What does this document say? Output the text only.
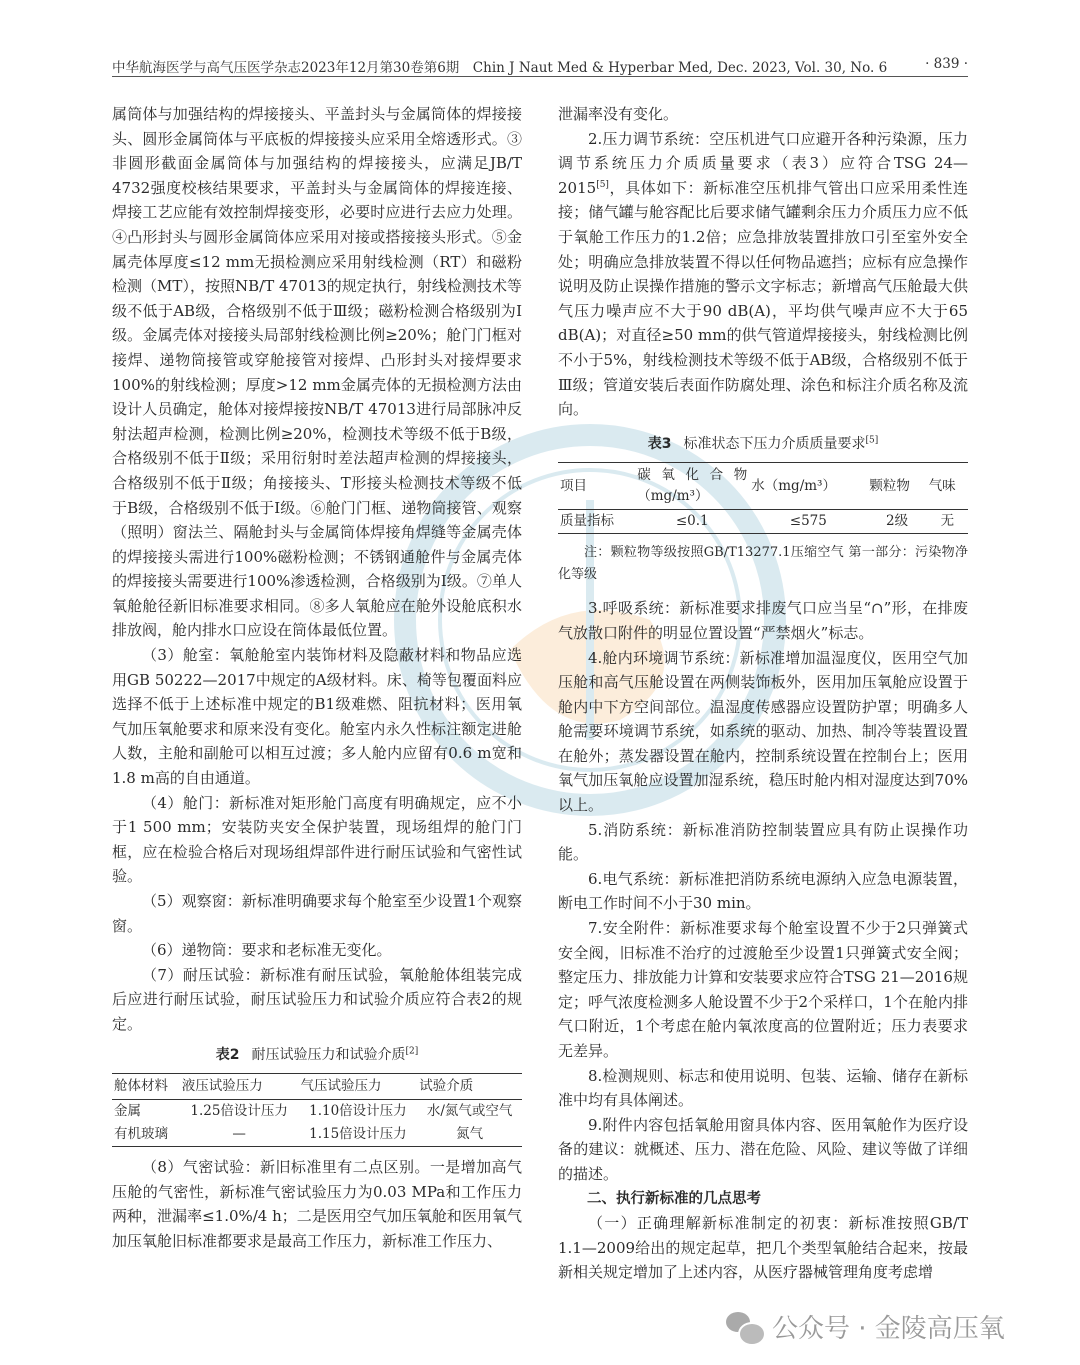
中华航海医学与高气压医学杂志2023年12月第30卷第6期　Chin J Naut Med & Hyperbar Med, Dec. 2023, Vol. 30, No. 6	· 839 ·

属筒体与加强结构的焊接接头、平盖封头与金属筒体的焊接接头、圆形金属筒体与平底板的焊接接头应采用全熔透形式。③非圆形截面金属筒体与加强结构的焊接接头，应满足JB/T 4732强度校核结果要求，平盖封头与金属筒体的焊接连接、焊接工艺应能有效控制焊接变形，必要时应进行去应力处理。④凸形封头与圆形金属筒体应采用对接或搭接接头形式。⑤金属壳体厚度≤12 mm无损检测应采用射线检测（RT）和磁粉检测（MT），按照NB/T 47013的规定执行，射线检测技术等级不低于AB级，合格级别不低于Ⅲ级；磁粉检测合格级别为Ⅰ级。金属壳体对接接头局部射线检测比例≥20%；舱门门框对接焊、递物筒接管或穿舱接管对接焊、凸形封头对接焊要求100%的射线检测；厚度>12 mm金属壳体的无损检测方法由设计人员确定，舱体对接焊接按NB/T 47013进行局部脉冲反射法超声检测，检测比例≥20%，检测技术等级不低于B级，合格级别不低于Ⅱ级；采用衍射时差法超声检测的焊接接头，合格级别不低于Ⅱ级；角接接头、T形接头检测技术等级不低于B级，合格级别不低于Ⅰ级。⑥舱门门框、递物筒接管、观察（照明）窗法兰、隔舱封头与金属筒体焊接角焊缝等金属壳体的焊接接头需进行100%磁粉检测；不锈钢通舱件与金属壳体的焊接接头需要进行100%渗透检测，合格级别为Ⅰ级。⑦单人氧舱舱径新旧标准要求相同。⑧多人氧舱应在舱外设舱底积水排放阀，舱内排水口应设在筒体最低位置。

（3）舱室：氧舱舱室内装饰材料及隐蔽材料和物品应选用GB 50222—2017中规定的A级材料。床、椅等包覆面料应选择不低于上述标准中规定的B1级难燃、阻抗材料；医用氧气加压氧舱要求和原来没有变化。舱室内永久性标注额定进舱人数，主舱和副舱可以相互过渡；多人舱内应留有0.6 m宽和1.8 m高的自由通道。

（4）舱门：新标准对矩形舱门高度有明确规定，应不小于1 500 mm；安装防夹安全保护装置，现场组焊的舱门门框，应在检验合格后对现场组焊部件进行耐压试验和气密性试验。

（5）观察窗：新标准明确要求每个舱室至少设置1个观察窗。

（6）递物筒：要求和老标准无变化。

（7）耐压试验：新标准有耐压试验，氧舱舱体组装完成后应进行耐压试验，耐压试验压力和试验介质应符合表2的规定。

表2 耐压试验压力和试验介质[2]
舱体材料	液压试验压力	气压试验压力	试验介质
金属	1.25倍设计压力	1.10倍设计压力	水/氮气或空气
有机玻璃	—	1.15倍设计压力	氮气

（8）气密试验：新旧标准里有二点区别。一是增加高气压舱的气密性，新标准气密试验压力为0.03 MPa和工作压力两种，泄漏率≤1.0%/4 h；二是医用空气加压氧舱和医用氧气加压氧舱旧标准都要求是最高工作压力，新标准工作压力、

泄漏率没有变化。

2.压力调节系统：空压机进气口应避开各种污染源，压力调节系统压力介质质量要求（表3）应符合TSG 24—2015[5]，具体如下：新标准空压机排气管出口应采用柔性连接；储气罐与舱容配比后要求储气罐剩余压力介质压力应不低于氧舱工作压力的1.2倍；应急排放装置排放口引至室外安全处；明确应急排放装置不得以任何物品遮挡；应标有应急操作说明及防止误操作措施的警示文字标志；新增高气压舱最大供气压力噪声应不大于90 dB(A)，平均供气噪声应不大于65 dB(A)；对直径≥50 mm的供气管道焊接接头，射线检测比例不小于5%，射线检测技术等级不低于AB级，合格级别不低于Ⅲ级；管道安装后表面作防腐处理、涂色和标注介质名称及流向。

表3 标准状态下压力介质质量要求[5]
项目	碳氧化合物（mg/m³）	水（mg/m³）	颗粒物	气味
质量指标	≤0.1	≤575	2级	无
注：颗粒物等级按照GB/T13277.1压缩空气 第一部分：污染物净化等级

3.呼吸系统：新标准要求排废气口应当呈“∩”形，在排废气放散口附件的明显位置设置“严禁烟火”标志。

4.舱内环境调节系统：新标准增加温湿度仪，医用空气加压舱和高气压舱设置在两侧装饰板外，医用加压氧舱应设置于舱内中下方空间部位。温湿度传感器应设置防护罩；明确多人舱需要环境调节系统，如系统的驱动、加热、制冷等装置设置在舱外；蒸发器设置在舱内，控制系统设置在控制台上；医用氧气加压氧舱应设置加湿系统，稳压时舱内相对湿度达到70%以上。

5.消防系统：新标准消防控制装置应具有防止误操作功能。

6.电气系统：新标准把消防系统电源纳入应急电源装置，断电工作时间不小于30 min。

7.安全附件：新标准要求每个舱室设置不少于2只弹簧式安全阀，旧标准不治疗的过渡舱至少设置1只弹簧式安全阀；整定压力、排放能力计算和安装要求应符合TSG 21—2016规定；呼气浓度检测多人舱设置不少于2个采样口，1个在舱内排气口附近，1个考虑在舱内氧浓度高的位置附近；压力表要求无差异。

8.检测规则、标志和使用说明、包装、运输、储存在新标准中均有具体阐述。

9.附件内容包括氧舱用窗具体内容、医用氧舱作为医疗设备的建议：就概述、压力、潜在危险、风险、建议等做了详细的描述。

二、执行新标准的几点思考

（一）正确理解新标准制定的初衷：新标准按照GB/T 1.1—2009给出的规定起草，把几个类型氧舱结合起来，按最新相关规定增加了上述内容，从医疗器械管理角度考虑增

公众号 · 金陵高压氧
